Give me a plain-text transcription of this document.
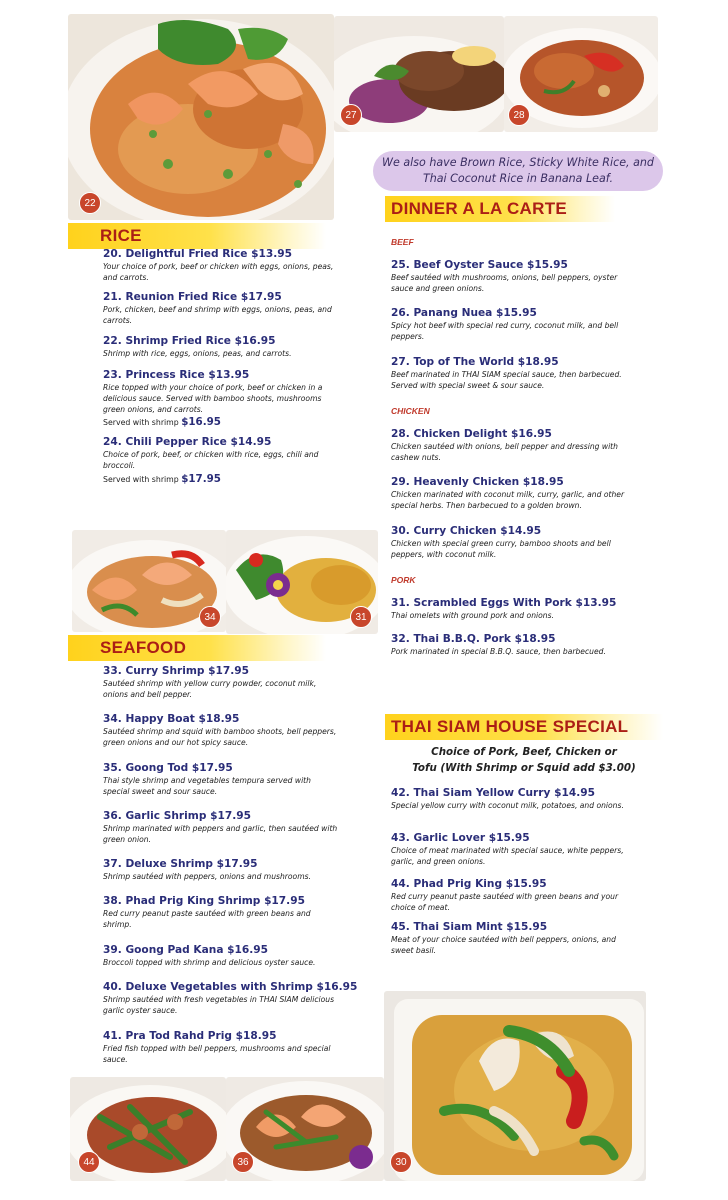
22
27	28
34	31
44	36	30
We also have Brown Rice, Sticky White Rice, and
Thai Coconut Rice in Banana Leaf.
RICE
20. Delightful Fried Rice $13.95
Your choice of pork, beef or chicken with eggs, onions, peas, and carrots.
21. Reunion Fried Rice $17.95
Pork, chicken, beef and shrimp with eggs, onions, peas, and carrots.
22. Shrimp Fried Rice $16.95
Shrimp with rice, eggs, onions, peas, and carrots.
23. Princess Rice $13.95
Rice topped with your choice of pork, beef or chicken in a delicious sauce. Served with bamboo shoots, mushrooms green onions, and carrots.
Served with shrimp $16.95
24. Chili Pepper Rice $14.95
Choice of pork, beef, or chicken with rice, eggs, chili and broccoli.
Served with shrimp $17.95
SEAFOOD
33. Curry Shrimp $17.95
Sautéed shrimp with yellow curry powder, coconut milk, onions and bell pepper.
34. Happy Boat $18.95
Sautéed shrimp and squid with bamboo shoots, bell peppers, green onions and our hot spicy sauce.
35. Goong Tod $17.95
Thai style shrimp and vegetables tempura served with special sweet and sour sauce.
36. Garlic Shrimp $17.95
Shrimp marinated with peppers and garlic, then sautéed with green onion.
37. Deluxe Shrimp $17.95
Shrimp sautéed with peppers, onions and mushrooms.
38. Phad Prig King Shrimp $17.95
Red curry peanut paste sautéed with green beans and shrimp.
39. Goong Pad Kana $16.95
Broccoli topped with shrimp and delicious oyster sauce.
40. Deluxe Vegetables with Shrimp $16.95
Shrimp sautéed with fresh vegetables in THAI SIAM delicious garlic oyster sauce.
41. Pra Tod Rahd Prig $18.95
Fried fish topped with bell peppers, mushrooms and special sauce.
DINNER A LA CARTE
BEEF
25. Beef Oyster Sauce $15.95
Beef sautéed with mushrooms, onions, bell peppers, oyster sauce and green onions.
26. Panang Nuea $15.95
Spicy hot beef with special red curry, coconut milk, and bell peppers.
27. Top of The World $18.95
Beef marinated in THAI SIAM special sauce, then barbecued. Served with special sweet & sour sauce.
CHICKEN
28. Chicken Delight $16.95
Chicken sautéed with onions, bell pepper and dressing with cashew nuts.
29. Heavenly Chicken $18.95
Chicken marinated with coconut milk, curry, garlic, and other special herbs. Then barbecued to a golden brown.
30. Curry Chicken $14.95
Chicken with special green curry, bamboo shoots and bell peppers, with coconut milk.
PORK
31. Scrambled Eggs With Pork $13.95
Thai omelets with ground pork and onions.
32. Thai B.B.Q. Pork $18.95
Pork marinated in special B.B.Q. sauce, then barbecued.
THAI SIAM HOUSE SPECIAL
Choice of Pork, Beef, Chicken or
Tofu (With Shrimp or Squid add $3.00)
42. Thai Siam Yellow Curry $14.95
Special yellow curry with coconut milk, potatoes, and onions.
43. Garlic Lover $15.95
Choice of meat marinated with special sauce, white peppers, garlic, and green onions.
44. Phad Prig King $15.95
Red curry peanut paste sautéed with green beans and your choice of meat.
45. Thai Siam Mint $15.95
Meat of your choice sautéed with bell peppers, onions, and sweet basil.
